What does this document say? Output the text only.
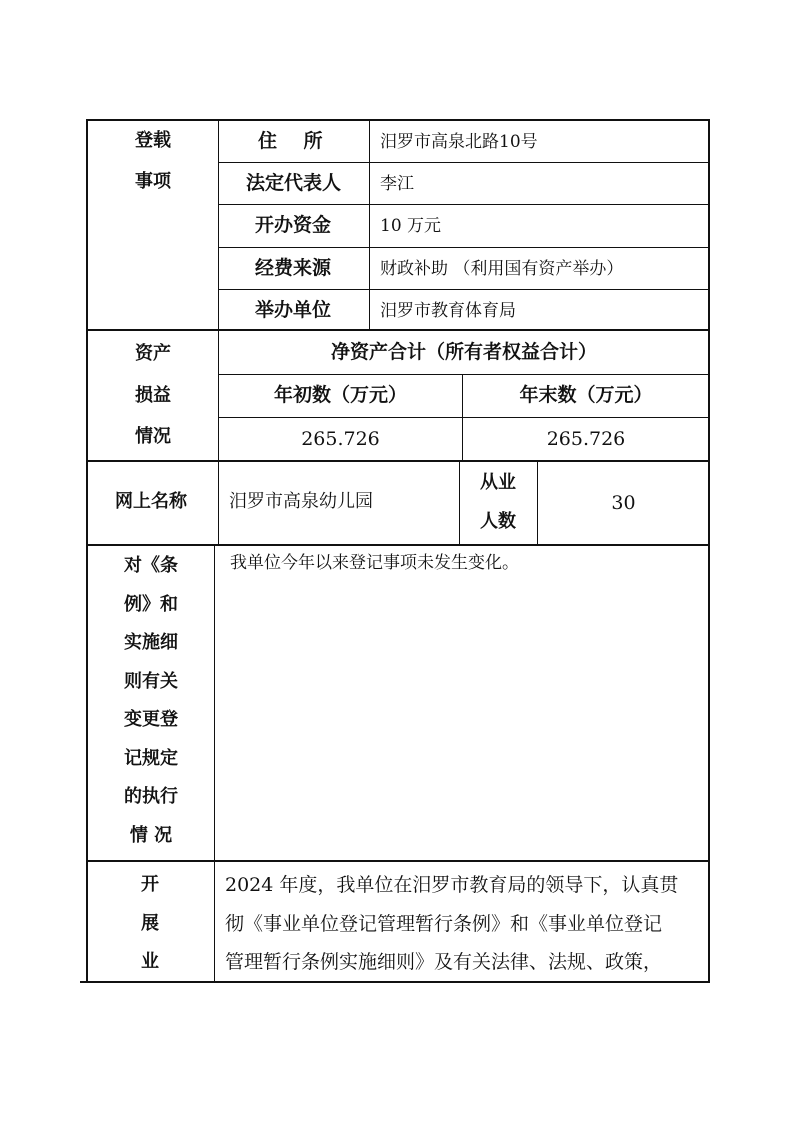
登载
事项
住    所	汨罗市高泉北路10号
法定代表人 李江
开办资金	10 万元
经费来源	财政补助 （利用国有资产举办）
举办单位	汨罗市教育体育局
资产
损益
情况
净资产合计（所有者权益合计）
年初数（万元）	年末数（万元）
265.726	265.726
网上名称 汨罗市高泉幼儿园
从业
人数
30
对《条
例》和
实施细
则有关
变更登
记规定
的执行
情 况
我单位今年以来登记事项未发生变化。
开
展
业
2024 年度，我单位在汨罗市教育局的领导下，认真贯
彻《事业单位登记管理暂行条例》和《事业单位登记
管理暂行条例实施细则》及有关法律、法规、政策，
